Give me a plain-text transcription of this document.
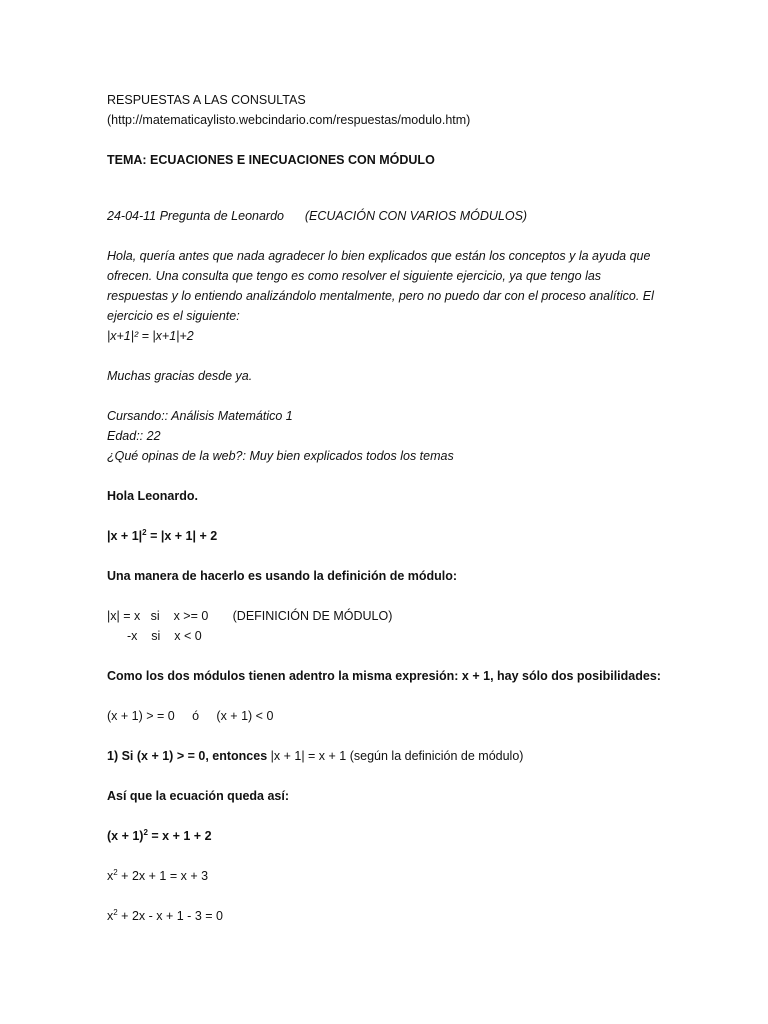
RESPUESTAS A LAS CONSULTAS

(http://matematicaylisto.webcindario.com/respuestas/modulo.htm)

TEMA: ECUACIONES E INECUACIONES CON MÓDULO

24-04-11 Pregunta de Leonardo      (ECUACIÓN CON VARIOS MÓDULOS)

Hola, quería antes que nada agradecer lo bien explicados que están los conceptos y la ayuda que

ofrecen. Una consulta que tengo es como resolver el siguiente ejercicio, ya que tengo las

respuestas y lo entiendo analizándolo mentalmente, pero no puedo dar con el proceso analítico. El

ejercicio es el siguiente:

|x+1|² = |x+1|+2

Muchas gracias desde ya.

Cursando:: Análisis Matemático 1

Edad:: 22

¿Qué opinas de la web?: Muy bien explicados todos los temas

Hola Leonardo.

$|x + 1|^2 = |x + 1| + 2$

Una manera de hacerlo es usando la definición de módulo:

|x| = x   si    x >= 0       (DEFINICIÓN DE MÓDULO)

-x    si    x < 0

Como los dos módulos tienen adentro la misma expresión: x + 1, hay sólo dos posibilidades:

(x + 1) > = 0     ó     (x + 1) < 0

1) Si (x + 1) > = 0, entonces |x + 1| = x + 1 (según la definición de módulo)

Así que la ecuación queda así:

$(x + 1)^2 = x + 1 + 2$

$x^2 + 2x + 1 = x + 3$

$x^2 + 2x - x + 1 - 3 = 0$
